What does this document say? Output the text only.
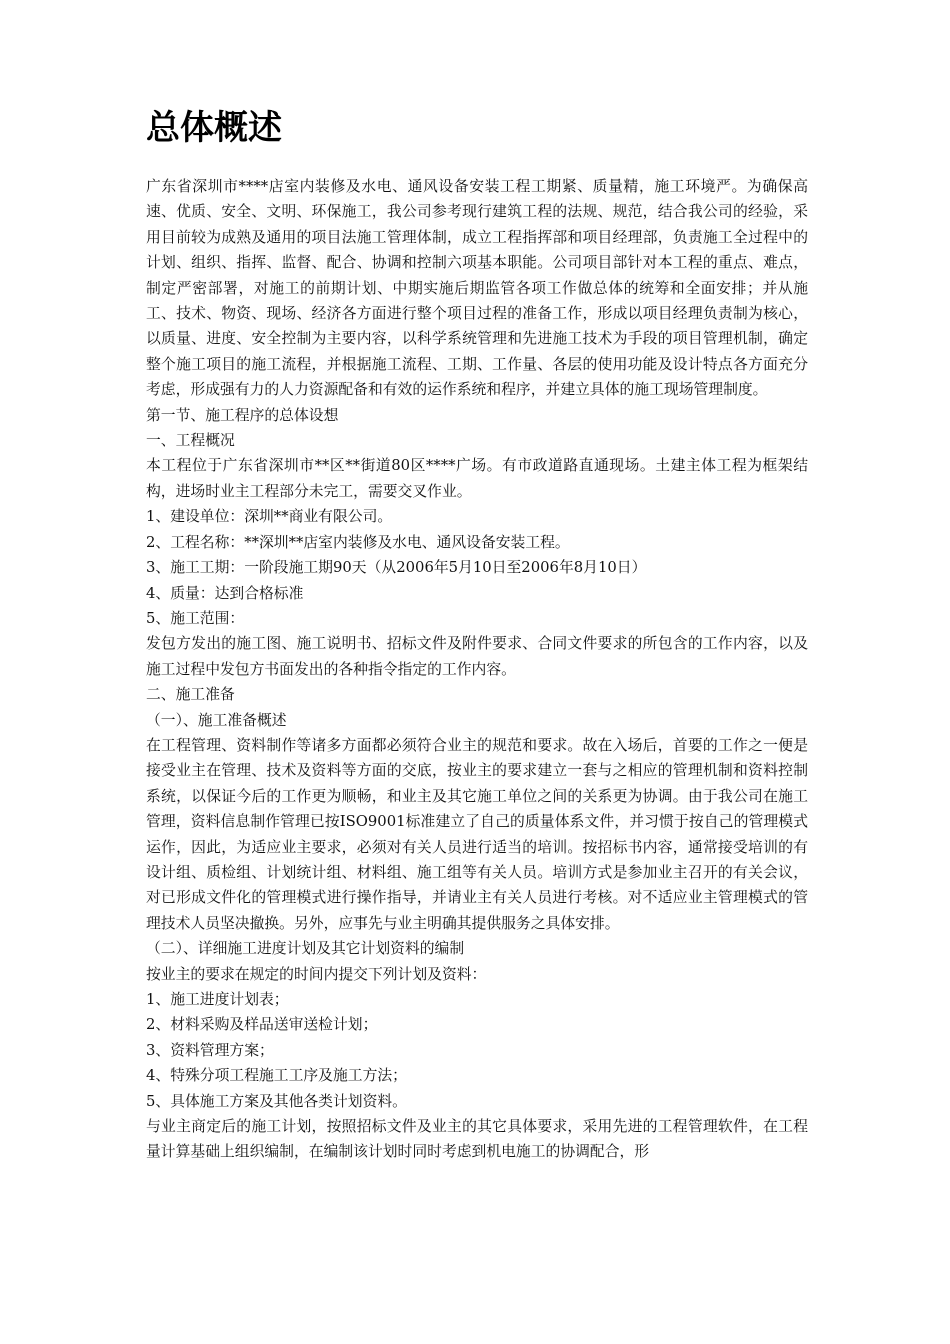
总体概述

广东省深圳市****店室内装修及水电、通风设备安装工程工期紧、质量精，施工环境严。为确保高速、优质、安全、文明、环保施工，我公司参考现行建筑工程的法规、规范，结合我公司的经验，采用目前较为成熟及通用的项目法施工管理体制，成立工程指挥部和项目经理部，负责施工全过程中的计划、组织、指挥、监督、配合、协调和控制六项基本职能。公司项目部针对本工程的重点、难点，制定严密部署，对施工的前期计划、中期实施后期监管各项工作做总体的统筹和全面安排；并从施工、技术、物资、现场、经济各方面进行整个项目过程的准备工作，形成以项目经理负责制为核心，以质量、进度、安全控制为主要内容，以科学系统管理和先进施工技术为手段的项目管理机制，确定整个施工项目的施工流程，并根据施工流程、工期、工作量、各层的使用功能及设计特点各方面充分考虑，形成强有力的人力资源配备和有效的运作系统和程序，并建立具体的施工现场管理制度。

第一节、施工程序的总体设想

一、工程概况

本工程位于广东省深圳市**区**街道80区****广场。有市政道路直通现场。土建主体工程为框架结构，进场时业主工程部分未完工，需要交叉作业。

1、建设单位：深圳**商业有限公司。

2、工程名称：**深圳**店室内装修及水电、通风设备安装工程。

3、施工工期：一阶段施工期90天（从2006年5月10日至2006年8月10日）

4、质量：达到合格标准

5、施工范围：

发包方发出的施工图、施工说明书、招标文件及附件要求、合同文件要求的所包含的工作内容，以及施工过程中发包方书面发出的各种指令指定的工作内容。

二、施工准备

（一）、施工准备概述

在工程管理、资料制作等诸多方面都必须符合业主的规范和要求。故在入场后，首要的工作之一便是接受业主在管理、技术及资料等方面的交底，按业主的要求建立一套与之相应的管理机制和资料控制系统，以保证今后的工作更为顺畅，和业主及其它施工单位之间的关系更为协调。由于我公司在施工管理，资料信息制作管理已按ISO9001标准建立了自己的质量体系文件，并习惯于按自己的管理模式运作，因此，为适应业主要求，必须对有关人员进行适当的培训。按招标书内容，通常接受培训的有设计组、质检组、计划统计组、材料组、施工组等有关人员。培训方式是参加业主召开的有关会议，对已形成文件化的管理模式进行操作指导，并请业主有关人员进行考核。对不适应业主管理模式的管理技术人员坚决撤换。另外，应事先与业主明确其提供服务之具体安排。

（二）、详细施工进度计划及其它计划资料的编制

按业主的要求在规定的时间内提交下列计划及资料：

1、施工进度计划表；

2、材料采购及样品送审送检计划；

3、资料管理方案；

4、特殊分项工程施工工序及施工方法；

5、具体施工方案及其他各类计划资料。

与业主商定后的施工计划，按照招标文件及业主的其它具体要求，采用先进的工程管理软件，在工程量计算基础上组织编制，在编制该计划时同时考虑到机电施工的协调配合，形
